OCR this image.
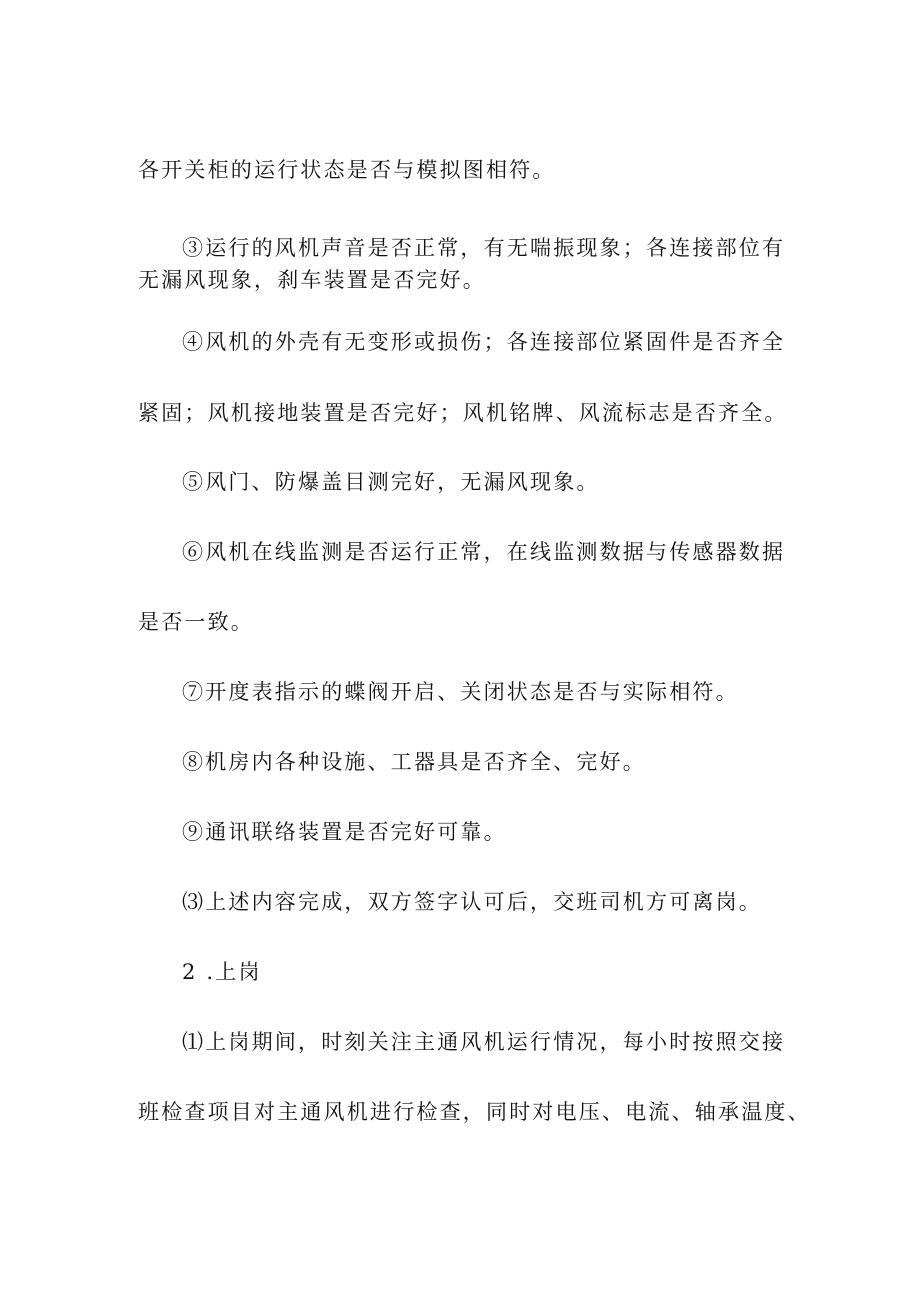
各开关柜的运行状态是否与模拟图相符。
③运行的风机声音是否正常，有无喘振现象；各连接部位有
无漏风现象，刹车装置是否完好。
④风机的外壳有无变形或损伤；各连接部位紧固件是否齐全
紧固；风机接地装置是否完好；风机铭牌、风流标志是否齐全。
⑤风门、防爆盖目测完好，无漏风现象。
⑥风机在线监测是否运行正常，在线监测数据与传感器数据
是否一致。
⑦开度表指示的蝶阀开启、关闭状态是否与实际相符。
⑧机房内各种设施、工器具是否齐全、完好。
⑨通讯联络装置是否完好可靠。
⑶上述内容完成，双方签字认可后，交班司机方可离岗。
2 .上岗
⑴上岗期间，时刻关注主通风机运行情况，每小时按照交接
班检查项目对主通风机进行检查，同时对电压、电流、轴承温度、
